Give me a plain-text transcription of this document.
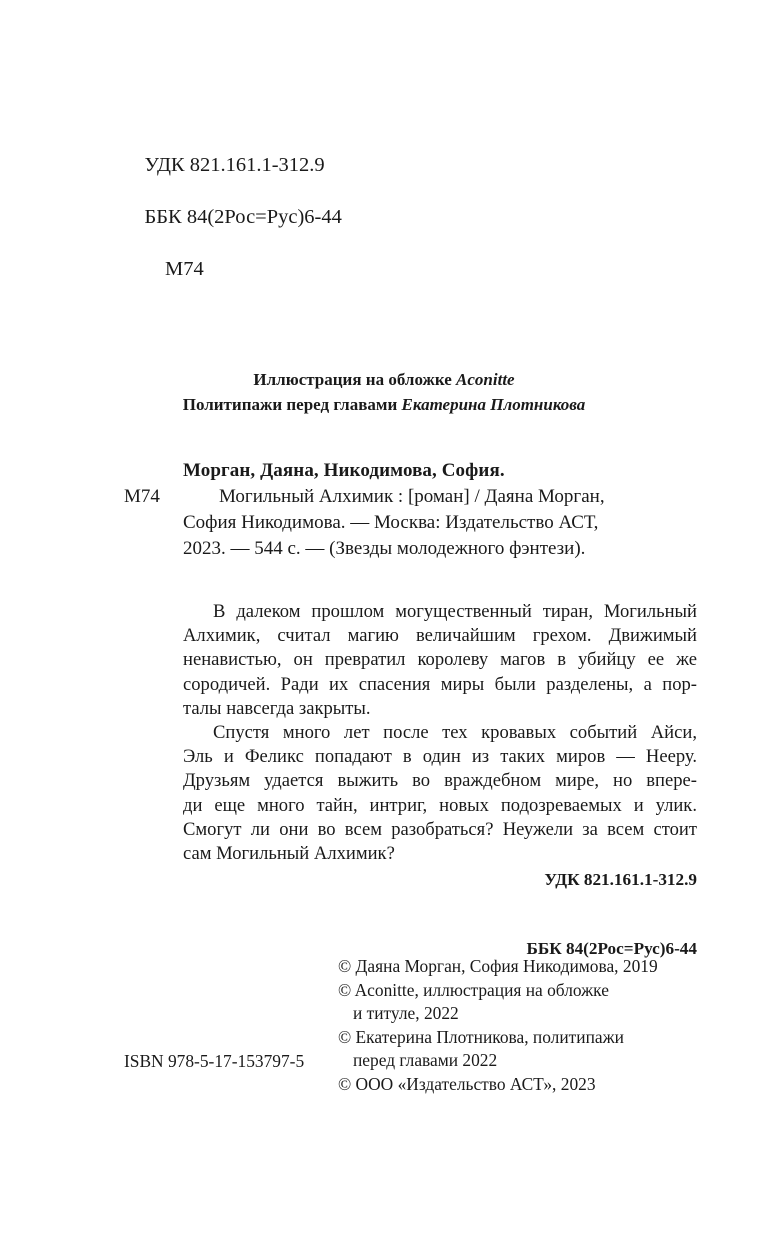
УДК 821.161.1-312.9

ББК 84(2Рос=Рус)6-44

М74

Иллюстрация на обложке Aconitte
Политипажи перед главами Екатерина Плотникова
Морган, Даяна, Никодимова, София.
М74	Могильный Алхимик : [роман] / Даяна Морган,
София Никодимова. — Москва: Издательство АСТ,
2023. — 544 с. — (Звезды молодежного фэнтези).

В далеком прошлом могущественный тиран, Могильный
Алхимик, считал магию величайшим грехом. Движимый
ненавистью, он превратил королеву магов в убийцу ее же
сородичей. Ради их спасения миры были разделены, а пор-
талы навсегда закрыты.

Спустя много лет после тех кровавых событий Айси,
Эль и Феликс попадают в один из таких миров — Нееру.
Друзьям удается выжить во враждебном мире, но впере-
ди еще много тайн, интриг, новых подозреваемых и улик.
Смогут ли они во всем разобраться? Неужели за всем стоит
сам Могильный Алхимик?

УДК 821.161.1-312.9

ББК 84(2Рос=Рус)6-44

© Даяна Морган, София Никодимова, 2019
© Aconitte, иллюстрация на обложке
и титуле, 2022
© Екатерина Плотникова, политипажи
перед главами 2022
© ООО «Издательство АСТ», 2023
ISBN 978-5-17-153797-5
